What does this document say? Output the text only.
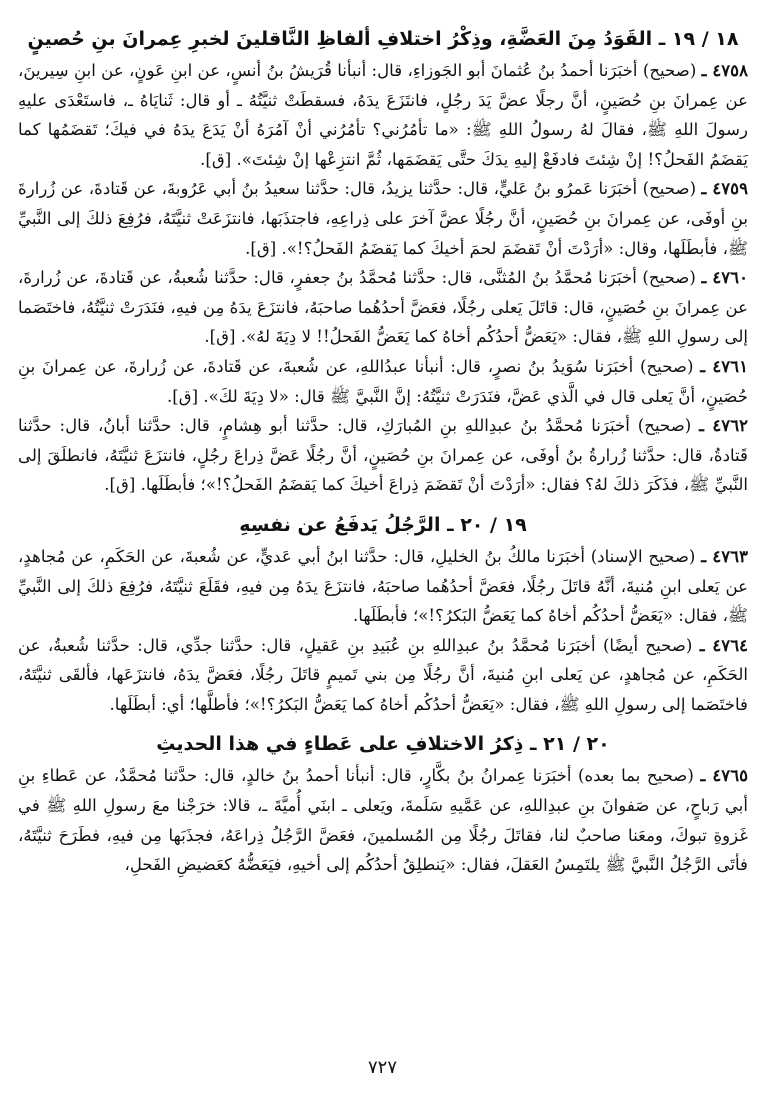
١٨ / ١٩ ـ القَوَدُ مِنَ العَضَّةِ، وذِكْرُ اختلافِ ألفاظِ النَّاقلينَ لخبرِ عِمرانَ بنِ حُصينٍ

٤٧٥٨ ـ (صحيح) أخبَرَنا أحمدُ بنُ عُثمانَ أبو الجَوزاءِ، قال: أنبأنا قُرَيشُ بنُ أنسٍ، عن ابنِ عَونٍ، عن ابنِ سِيرينَ، عن عِمرانَ بنِ حُصَينٍ، أنَّ رجلًا عضَّ يَدَ رجُلٍ، فانتَزَعَ يدَهُ، فسقطَتْ ثنيَّتُهُ ـ أو قال: ثَنايَاهُ ـ، فاستَعْدَى عليهِ رسولَ اللهِ ﷺ، فقالَ لهُ رسولُ اللهِ ﷺ: «ما تأمُرُني؟ تأمُرُني أنْ آمُرَهُ أنْ يَدَعَ يدَهُ في فيكَ؛ تَقضَمُها كما يَقضَمُ الفَحلُ؟! إنْ شِئتَ فادفَعْ إليهِ يدَكَ حتَّى يَقضَمَها، ثُمَّ انتزِعْها إنْ شِئتَ». [ق].

٤٧٥٩ ـ (صحيح) أخبَرَنا عَمرُو بنُ عَليٍّ، قال: حدَّثنا يزيدُ، قال: حدَّثنا سعيدُ بنُ أبي عَرُوبةَ، عن قَتادةَ، عن زُرارةَ بنِ أوفَى، عن عِمرانَ بنِ حُصَينٍ، أنَّ رجُلًا عضَّ آخرَ على ذِراعِهِ، فاجتذَبَها، فانتزَعَتْ ثنيَّتَهُ، فرُفِعَ ذلكَ إلى النَّبيِّ ﷺ، فأبطَلَها، وقال: «أرَدْتَ أنْ تَقضَمَ لحمَ أخيكَ كما يَقضَمُ الفَحلُ؟!». [ق].

٤٧٦٠ ـ (صحيح) أخبَرَنا مُحمَّدُ بنُ المُثنَّى، قال: حدَّثنا مُحمَّدُ بنُ جعفرٍ، قال: حدَّثنا شُعبةُ، عن قَتادةَ، عن زُرارةَ، عن عِمرانَ بنِ حُصَينٍ، قال: قاتَلَ يَعلى رجُلًا، فعَضَّ أحدُهُما صاحبَهُ، فانتزَعَ يدَهُ مِن فيهِ، فنَدَرَتْ ثنيَّتُهُ، فاختَصَما إلى رسولِ اللهِ ﷺ، فقال: «يَعَضُّ أحدُكُم أخاهُ كما يَعَضُّ الفَحلُ!! لا دِيَةَ لهُ». [ق].

٤٧٦١ ـ (صحيح) أخبَرَنا سُوَيدُ بنُ نصرٍ، قال: أنبأنا عبدُاللهِ، عن شُعبةَ، عن قَتادةَ، عن زُرارةَ، عن عِمرانَ بنِ حُصَينٍ، أنَّ يَعلى قال في الَّذي عَضَّ، فنَدَرَتْ ثنيَّتُهُ: إنَّ النَّبيَّ ﷺ قال: «لا دِيَةَ لكَ». [ق].

٤٧٦٢ ـ (صحيح) أخبَرَنا مُحمَّدُ بنُ عبدِاللهِ بنِ المُبارَكِ، قال: حدَّثنا أبو هِشامٍ، قال: حدَّثنا أبانُ، قال: حدَّثنا قَتادةُ، قال: حدَّثنا زُرارةُ بنُ أوفَى، عن عِمرانَ بنِ حُصَينٍ، أنَّ رجُلًا عَضَّ ذِراعَ رجُلٍ، فانتزَعَ ثنيَّتَهُ، فانطلَقَ إلى النَّبيِّ ﷺ، فذَكَرَ ذلكَ لهُ؟ فقال: «أرَدْتَ أنْ تَقضَمَ ذِراعَ أخيكَ كما يَقضَمُ الفَحلُ؟!»؛ فأبطَلَها. [ق].

١٩ / ٢٠ ـ الرَّجُلُ يَدفَعُ عن نفسِهِ

٤٧٦٣ ـ (صحيح الإسناد) أخبَرَنا مالكُ بنُ الخليلِ، قال: حدَّثنا ابنُ أبي عَديٍّ، عن شُعبةَ، عن الحَكَمِ، عن مُجاهدٍ، عن يَعلى ابنِ مُنيةَ، أنَّهُ قاتَلَ رجُلًا، فعَضَّ أحدُهُما صاحبَهُ، فانتزَعَ يدَهُ مِن فيهِ، فقَلَعَ ثنيَّتَهُ، فرُفِعَ ذلكَ إلى النَّبيِّ ﷺ، فقال: «يَعَضُّ أحدُكُم أخاهُ كما يَعَضُّ البَكرُ؟!»؛ فأبطَلَها.

٤٧٦٤ ـ (صحيح أيضًا) أخبَرَنا مُحمَّدُ بنُ عبدِاللهِ بنِ عُبَيدِ بنِ عَقيلٍ، قال: حدَّثنا جدِّي، قال: حدَّثنا شُعبةُ، عن الحَكَمِ، عن مُجاهدٍ، عن يَعلى ابنِ مُنيةَ، أنَّ رجُلًا مِن بني تَميمٍ قاتَلَ رجُلًا، فعَضَّ يدَهُ، فانتزَعَها، فألقَى ثنيَّتَهُ، فاختَصَما إلى رسولِ اللهِ ﷺ، فقال: «يَعَضُّ أحدُكُم أخاهُ كما يَعَضُّ البَكرُ؟!»؛ فأطلَّها؛ أي: أبطَلَها.

٢٠ / ٢١ ـ ذِكرُ الاختلافِ على عَطاءٍ في هذا الحديثِ

٤٧٦٥ ـ (صحيح بما بعده) أخبَرَنا عِمرانُ بنُ بكَّارٍ، قال: أنبأنا أحمدُ بنُ خالدٍ، قال: حدَّثنا مُحمَّدٌ، عن عَطاءِ بنِ أبي رَباحٍ، عن صَفوانَ بنِ عبدِاللهِ، عن عَمَّيهِ سَلَمةَ، ويَعلى ـ ابنَي أُميَّةَ ـ، قالا: خرَجْنا معَ رسولِ اللهِ ﷺ في غَزوةِ تبوكَ، ومعَنا صاحبٌ لنا، فقاتَلَ رجُلًا مِن المُسلمينَ، فعَضَّ الرَّجُلُ ذِراعَهُ، فجذَبَها مِن فيهِ، فطَرَحَ ثنيَّتَهُ، فأتَى الرَّجُلُ النَّبيَّ ﷺ يلتَمِسُ العَقلَ، فقال: «يَنطلِقُ أحدُكُم إلى أخيهِ، فيَعَضُّهُ كعَضيضِ الفَحلِ،

٧٢٧
